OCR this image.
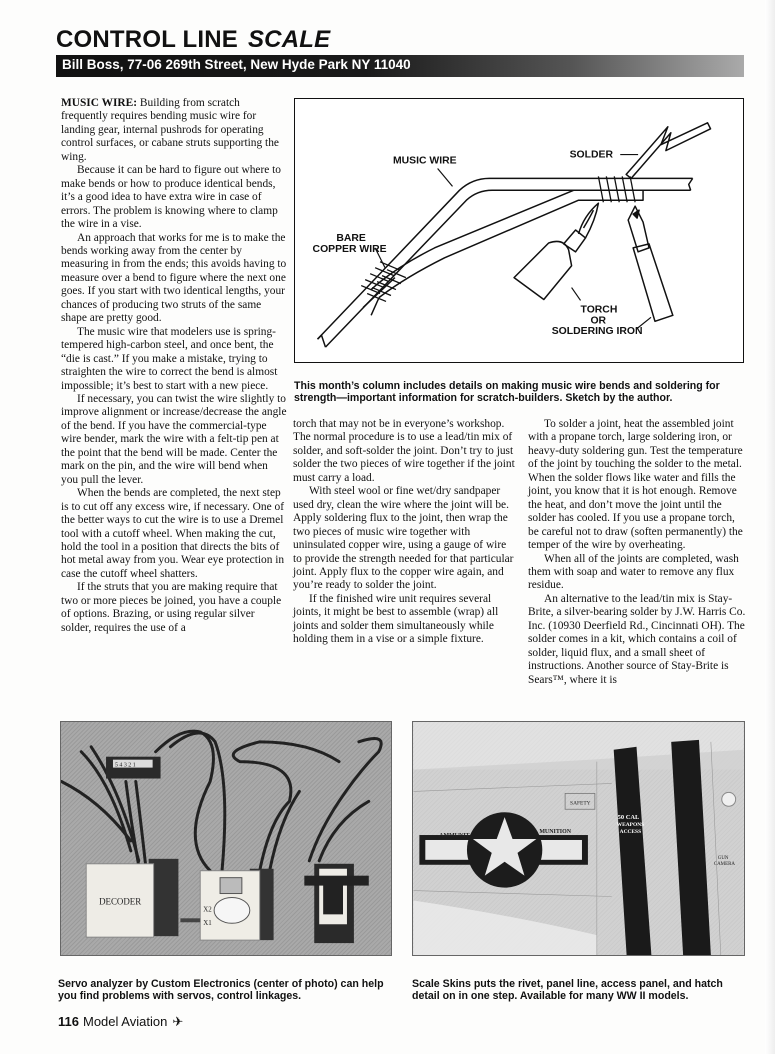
CONTROL LINE SCALE
Bill Boss, 77-06 269th Street, New Hyde Park NY 11040

MUSIC WIRE: Building from scratch frequently requires bending music wire for landing gear, internal pushrods for operating control surfaces, or cabane struts supporting the wing.

Because it can be hard to figure out where to make bends or how to produce identical bends, it’s a good idea to have extra wire in case of errors. The problem is knowing where to clamp the wire in a vise.

An approach that works for me is to make the bends working away from the center by measuring in from the ends; this avoids having to measure over a bend to figure where the next one goes. If you start with two identical lengths, your chances of producing two struts of the same shape are pretty good.

The music wire that modelers use is spring-tempered high-carbon steel, and once bent, the “die is cast.” If you make a mistake, trying to straighten the wire to correct the bend is almost impossible; it’s best to start with a new piece.

If necessary, you can twist the wire slightly to improve alignment or increase/decrease the angle of the bend. If you have the commercial-type wire bender, mark the wire with a felt-tip pen at the point that the bend will be made. Center the mark on the pin, and the wire will bend when you pull the lever.

When the bends are completed, the next step is to cut off any excess wire, if necessary. One of the better ways to cut the wire is to use a Dremel tool with a cutoff wheel. When making the cut, hold the tool in a position that directs the bits of hot metal away from you. Wear eye protection in case the cutoff wheel shatters.

If the struts that you are making require that two or more pieces be joined, you have a couple of options. Brazing, or using regular silver solder, requires the use of a

SOLDER
MUSIC WIRE
BARE
COPPER WIRE
TORCH
OR
SOLDERING IRON
This month’s column includes details on making music wire bends and soldering for strength—important information for scratch-builders. Sketch by the author.

torch that may not be in everyone’s workshop. The normal procedure is to use a lead/tin mix of solder, and soft-solder the joint. Don’t try to just solder the two pieces of wire together if the joint must carry a load.

With steel wool or fine wet/dry sandpaper used dry, clean the wire where the joint will be. Apply soldering flux to the joint, then wrap the two pieces of music wire together with uninsulated copper wire, using a gauge of wire to provide the strength needed for that particular joint. Apply flux to the copper wire again, and you’re ready to solder the joint.

If the finished wire unit requires several joints, it might be best to assemble (wrap) all joints and solder them simultaneously while holding them in a vise or a simple fixture.

To solder a joint, heat the assembled joint with a propane torch, large soldering iron, or heavy-duty soldering gun. Test the temperature of the joint by touching the solder to the metal. When the solder flows like water and fills the joint, you know that it is hot enough. Remove the heat, and don’t move the joint until the solder has cooled. If you use a propane torch, be careful not to draw (soften permanently) the temper of the wire by overheating.

When all of the joints are completed, wash them with soap and water to remove any flux residue.

An alternative to the lead/tin mix is Stay-Brite, a silver-bearing solder by J.W. Harris Co. Inc. (10930 Deerfield Rd., Cincinnati OH). The solder comes in a kit, which contains a coil of solder, liquid flux, and a small sheet of instructions. Another source of Stay-Brite is Sears™, where it is

5 4 3 2 1
DECODER
X2
X1
Servo analyzer by Custom Electronics (center of photo) can help you find problems with servos, control linkages.
AMMUNIT
MUNITION
SAFETY
50 CAL
WEAPONS
ACCESS
GUN
CAMERA
Scale Skins puts the rivet, panel line, access panel, and hatch detail on in one step. Available for many WW II models.
116 Model Aviation ✈
